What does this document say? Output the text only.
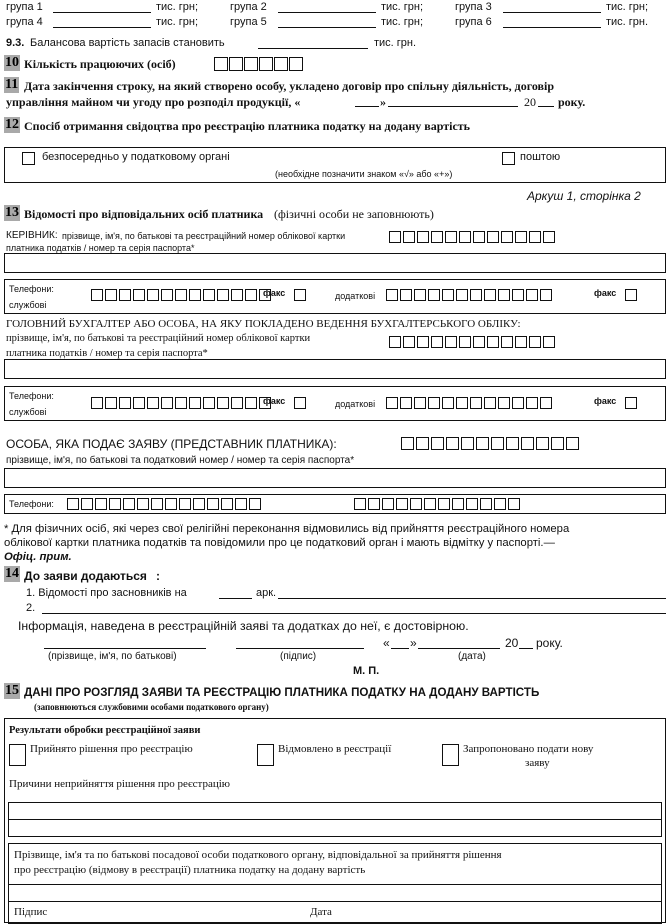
група 1	тис. грн;	група 2	тис. грн;	група 3	тис. грн;
група 4	тис. грн;	група 5	тис. грн;	група 6	тис. грн.
9.3. Балансова вартість запасів становить	тис. грн.
10 Кількість працюючих (осіб)
11 Дата закінчення строку, на який створено особу, укладено договір про спільну діяльність, договір
управління майном чи угоду про розподіл продукції, «	»	20 року.
12 Спосіб отримання свідоцтва про реєстрацію платника податку на додану вартість
безпосередньо у податковому органі	поштою
(необхідне позначити знаком «√» або «+»)
Аркуш 1, сторінка 2
13 Відомості про відповідальних осіб платника (фізичні особи не заповнюють)
КЕРІВНИК: прізвище, ім'я, по батькові та реєстраційний номер облікової картки
платника податків / номер та серія паспорта*
Телефони:
службові
факс	додаткові	факс
ГОЛОВНИЙ БУХГАЛТЕР АБО ОСОБА, НА ЯКУ ПОКЛАДЕНО ВЕДЕННЯ БУХГАЛТЕРСЬКОГО ОБЛІКУ:
прізвище, ім'я, по батькові та реєстраційний номер облікової картки
платника податків / номер та серія паспорта*
Телефони:
службові
факс	додаткові	факс
ОСОБА, ЯКА ПОДАЄ ЗАЯВУ (ПРЕДСТАВНИК ПЛАТНИКА):
прізвище, ім'я, по батькові та податковий номер / номер та серія паспорта*
Телефони:
* Для фізичних осіб, які через свої релігійні переконання відмовились від прийняття реєстраційного номера
облікової картки платника податків та повідомили про це податковий орган і мають відмітку у паспорті.—
Офіц. прим.
14 До заяви додаються :
1. Відомості про засновників на	арк.
2.
Інформація, наведена в реєстраційній заяві та додатках до неї, є достовірною.
« »	20 року.
(прізвище, ім'я, по батькові)	(підпис)	(дата)
М. П.
15 ДАНІ ПРО РОЗГЛЯД ЗАЯВИ ТА РЕЄСТРАЦІЮ ПЛАТНИКА ПОДАТКУ НА ДОДАНУ ВАРТІСТЬ
(заповнюються службовими особами податкового органу)
Результати обробки реєстраційної заяви
Прийнято рішення про реєстрацію	Відмовлено в реєстрації	Запропоновано подати нову
заяву
Причини неприйняття рішення про реєстрацію
Прізвище, ім'я та по батькові посадової особи податкового органу, відповідальної за прийняття рішення
про реєстрацію (відмову в реєстрації) платника податку на додану вартість
Підпис	Дата
